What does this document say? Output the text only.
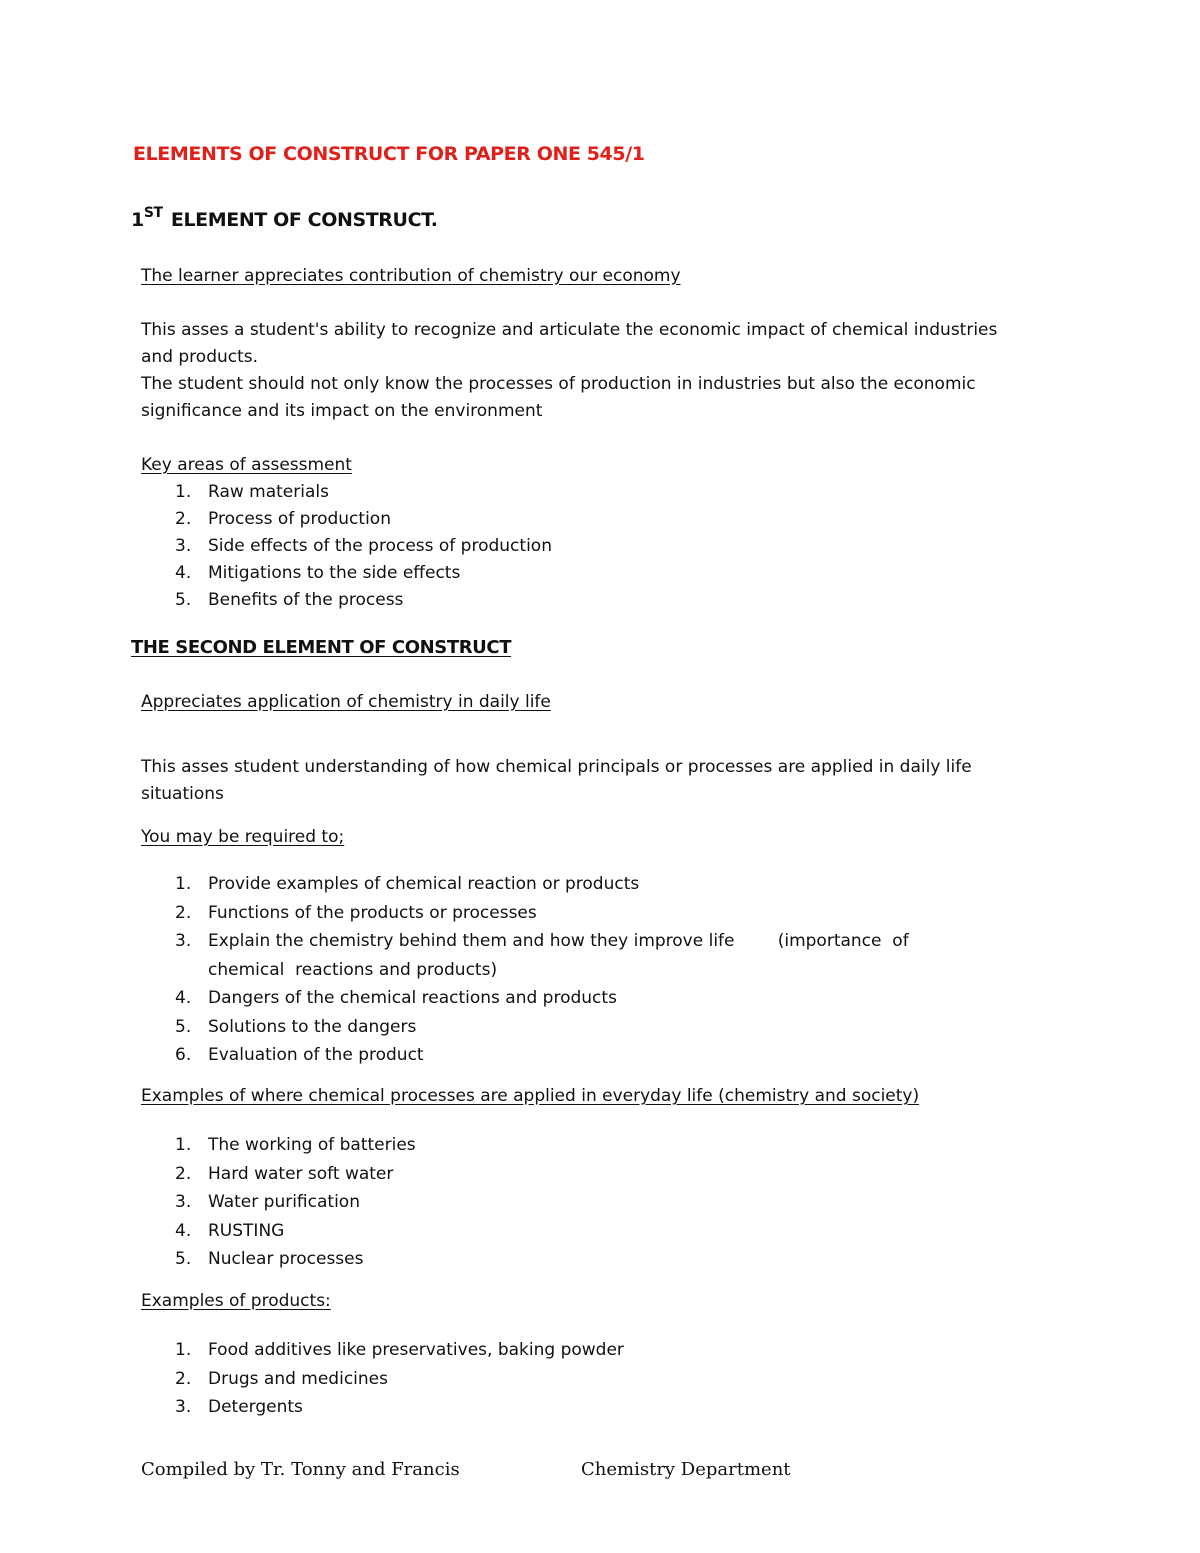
ELEMENTS OF CONSTRUCT FOR PAPER ONE 545/1
1ST ELEMENT OF CONSTRUCT.
The learner appreciates contribution of chemistry our economy
This asses a student's ability to recognize and articulate the economic impact of chemical industries and products.
The student should not only know the processes of production in industries but also the economic significance and its impact on the environment
Key areas of assessment
1. Raw materials
2. Process of production
3. Side effects of the process of production
4. Mitigations to the side effects
5. Benefits of the process
THE SECOND ELEMENT OF CONSTRUCT
Appreciates application of chemistry in daily life
This asses student understanding of how chemical principals or processes are applied in daily life situations
You may be required to;
1. Provide examples of chemical reaction or products
2. Functions of the products or processes
3. Explain the chemistry behind them and how they improve life        (importance  of chemical  reactions and products)
4. Dangers of the chemical reactions and products
5. Solutions to the dangers
6. Evaluation of the product
Examples of where chemical processes are applied in everyday life (chemistry and society)
1. The working of batteries
2. Hard water soft water
3. Water purification
4. RUSTING
5. Nuclear processes
Examples of products:
1. Food additives like preservatives, baking powder
2. Drugs and medicines
3. Detergents
Compiled by Tr. Tonny and Francis	Chemistry Department
